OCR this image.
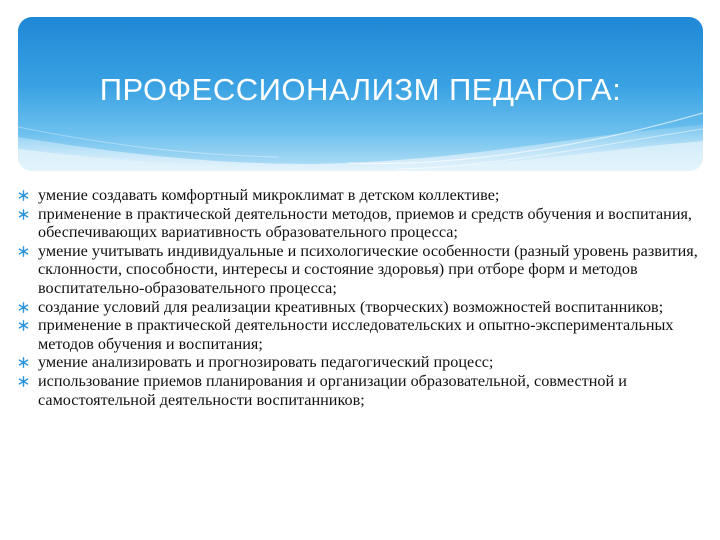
ПРОФЕССИОНАЛИЗМ ПЕДАГОГА:
умение создавать комфортный микроклимат в детском коллективе;
применение в практической деятельности методов, приемов и средств обучения и воспитания, обеспечивающих вариативность образовательного процесса;
умение учитывать индивидуальные и психологические особенности (разный уровень развития, склонности, способности, интересы и состояние здоровья) при отборе форм и методов воспитательно-образовательного процесса;
создание условий для реализации креативных (творческих) возможностей воспитанников;
применение в практической деятельности исследовательских и опытно-экспериментальных методов обучения и воспитания;
умение анализировать и прогнозировать педагогический процесс;
использование приемов планирования и организации образовательной, совместной и самостоятельной деятельности воспитанников;
